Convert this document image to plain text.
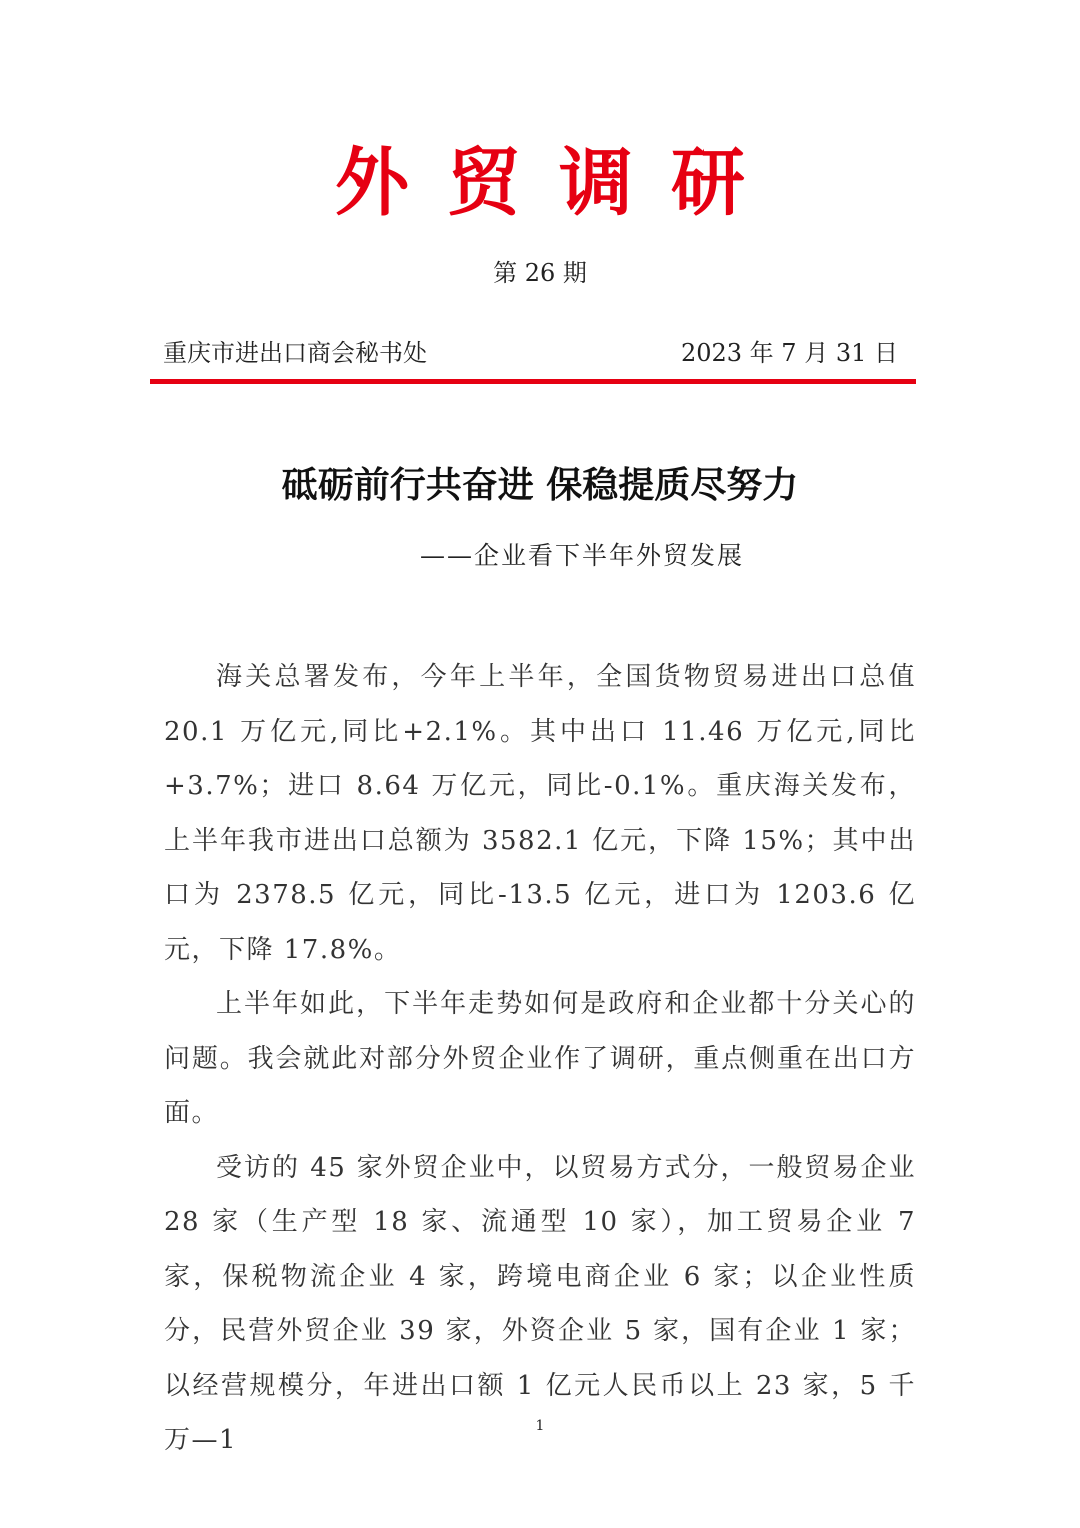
外贸调研
第 26 期
重庆市进出口商会秘书处	2023 年 7 月 31 日
砥砺前行共奋进 保稳提质尽努力
——企业看下半年外贸发展

海关总署发布，今年上半年，全国货物贸易进出口总值 20.1 万亿元,同比+2.1%。其中出口 11.46 万亿元,同比+3.7%；进口 8.64 万亿元，同比-0.1%。重庆海关发布，上半年我市进出口总额为 3582.1 亿元，下降 15%；其中出口为 2378.5 亿元，同比-13.5 亿元，进口为 1203.6 亿元，下降 17.8%。

上半年如此，下半年走势如何是政府和企业都十分关心的问题。我会就此对部分外贸企业作了调研，重点侧重在出口方面。

受访的 45 家外贸企业中，以贸易方式分，一般贸易企业 28 家（生产型 18 家、流通型 10 家），加工贸易企业 7 家，保税物流企业 4 家，跨境电商企业 6 家；以企业性质分，民营外贸企业 39 家，外资企业 5 家，国有企业 1 家；以经营规模分，年进出口额 1 亿元人民币以上 23 家，5 千万—1	1
